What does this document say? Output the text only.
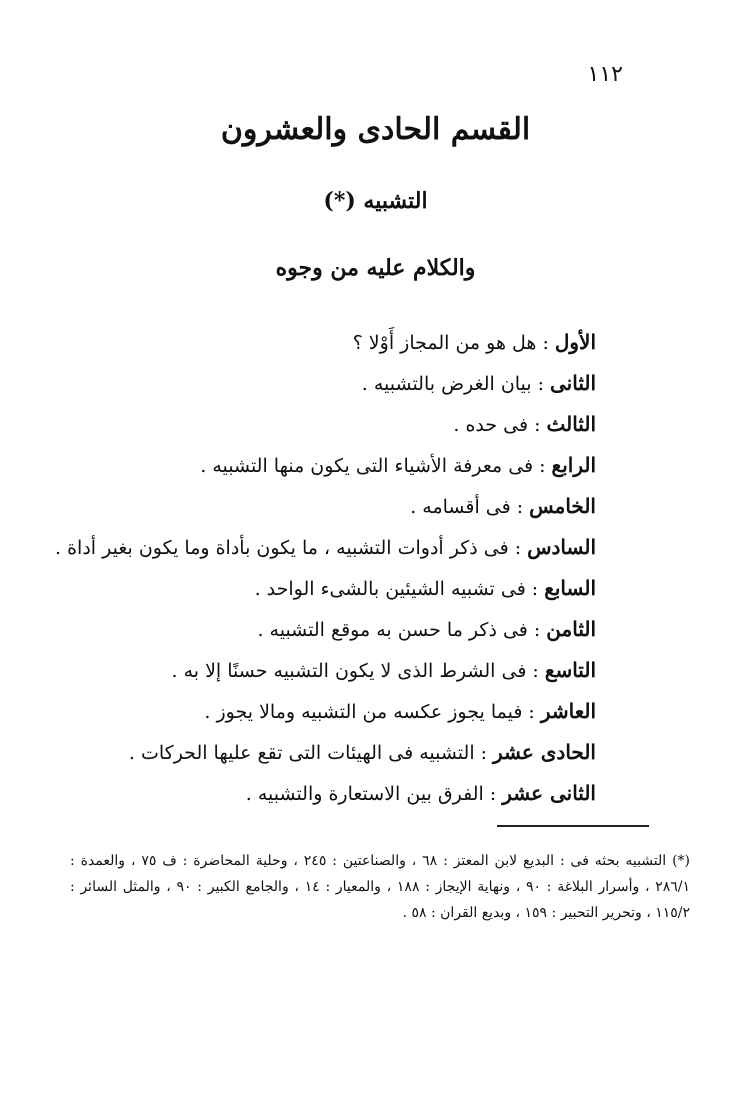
١١٢
القسم الحادى والعشرون
التشبيه (*)
والكلام عليه من وجوه
الأول:هل هو من المجاز أَوْلا ؟
الثانى:بيان الغرض بالتشبيه .
الثالث:فى حده .
الرابع:فى معرفة الأشياء التى يكون منها التشبيه .
الخامس:فى أقسامه .
السادس:فى ذكر أدوات التشبيه ، ما يكون بأداة وما يكون بغير أداة .
السابع:فى تشبيه الشيئين بالشىء الواحد .
الثامن:فى ذكر ما حسن به موقع التشبيه .
التاسع:فى الشرط الذى لا يكون التشبيه حسنًا إلا به .
العاشر:فيما يجوز عكسه من التشبيه ومالا يجوز .
الحادى عشر:التشبيه فى الهيئات التى تقع عليها الحركات .
الثانى عشر:الفرق بين الاستعارة والتشبيه .

(*) التشبيه بحثه فى : البديع لابن المعتز : ٦٨ ، والصناعتين : ٢٤٥ ، وحلية المحاضرة : ف ٧٥ ، والعمدة : ٢٨٦/١ ، وأسرار البلاغة : ٩٠ ، ونهاية الإيجاز : ١٨٨ ، والمعيار : ١٤ ، والجامع الكبير : ٩٠ ، والمثل السائر : ١١٥/٢ ، وتحرير التحبير : ١٥٩ ، وبديع القران : ٥٨ .
